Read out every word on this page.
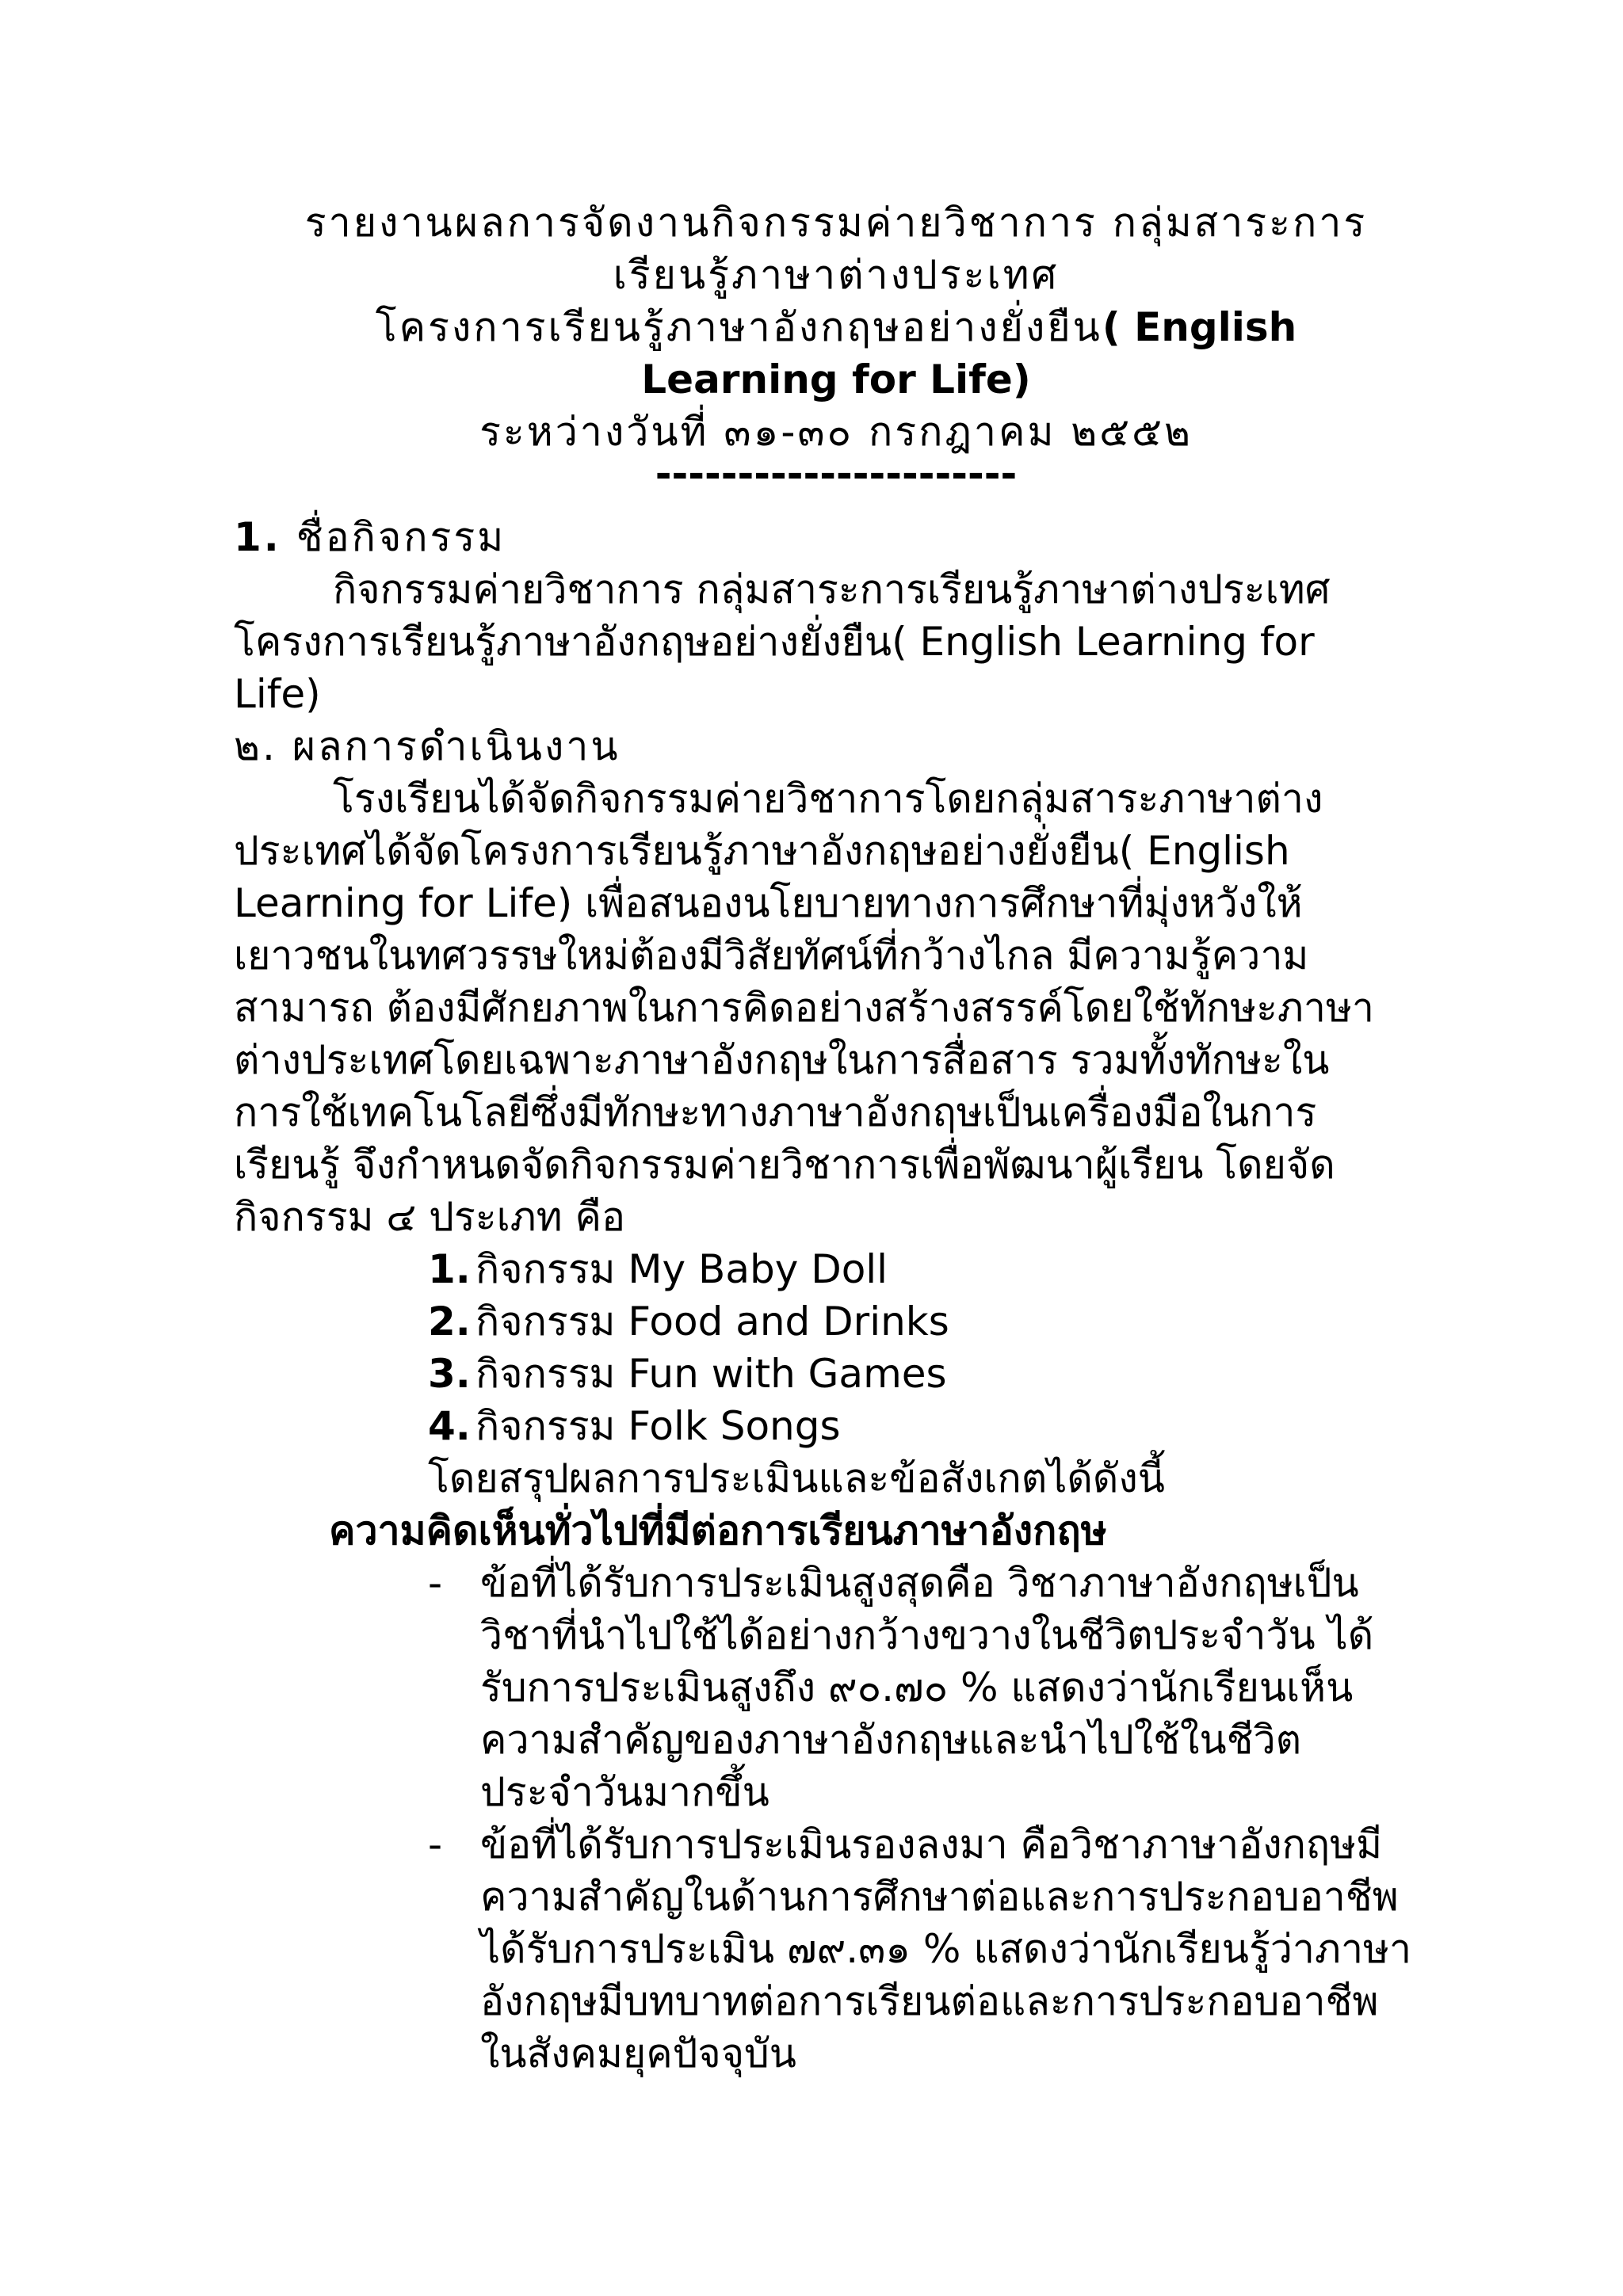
รายงานผลการจัดงานกิจกรรมค่ายวิชาการ กลุ่มสาระการ
เรียนรู้ภาษาต่างประเทศ
โครงการเรียนรู้ภาษาอังกฤษอย่างยั่งยืน( English
Learning for Life)
ระหว่างวันที่ ๓๑-๓๐ กรกฎาคม ๒๕๕๒
----------------------
1. ชื่อกิจกรรม
กิจกรรมค่ายวิชาการ กลุ่มสาระการเรียนรู้ภาษาต่างประเทศ
โครงการเรียนรู้ภาษาอังกฤษอย่างยั่งยืน( English Learning for
Life)
๒. ผลการดำเนินงาน
โรงเรียนได้จัดกิจกรรมค่ายวิชาการโดยกลุ่มสาระภาษาต่าง
ประเทศได้จัดโครงการเรียนรู้ภาษาอังกฤษอย่างยั่งยืน( English
Learning for Life) เพื่อสนองนโยบายทางการศึกษาที่มุ่งหวังให้
เยาวชนในทศวรรษใหม่ต้องมีวิสัยทัศน์ที่กว้างไกล มีความรู้ความ
สามารถ ต้องมีศักยภาพในการคิดอย่างสร้างสรรค์โดยใช้ทักษะภาษา
ต่างประเทศโดยเฉพาะภาษาอังกฤษในการสื่อสาร รวมทั้งทักษะใน
การใช้เทคโนโลยีซึ่งมีทักษะทางภาษาอังกฤษเป็นเครื่องมือในการ
เรียนรู้ จึงกำหนดจัดกิจกรรมค่ายวิชาการเพื่อพัฒนาผู้เรียน โดยจัด
กิจกรรม ๔ ประเภท คือ
1. กิจกรรม My Baby Doll
2. กิจกรรม Food and Drinks
3. กิจกรรม Fun with Games
4. กิจกรรม Folk Songs
โดยสรุปผลการประเมินและข้อสังเกตได้ดังนี้
ความคิดเห็นทั่วไปที่มีต่อการเรียนภาษาอังกฤษ
- ข้อที่ได้รับการประเมินสูงสุดคือ วิชาภาษาอังกฤษเป็น
วิชาที่นำไปใช้ได้อย่างกว้างขวางในชีวิตประจำวัน ได้
รับการประเมินสูงถึง ๙๐.๗๐ % แสดงว่านักเรียนเห็น
ความสำคัญของภาษาอังกฤษและนำไปใช้ในชีวิต
ประจำวันมากขึ้น
- ข้อที่ได้รับการประเมินรองลงมา คือวิชาภาษาอังกฤษมี
ความสำคัญในด้านการศึกษาต่อและการประกอบอาชีพ
ได้รับการประเมิน ๗๙.๓๑ % แสดงว่านักเรียนรู้ว่าภาษา
อังกฤษมีบทบาทต่อการเรียนต่อและการประกอบอาชีพ
ในสังคมยุคปัจจุบัน
